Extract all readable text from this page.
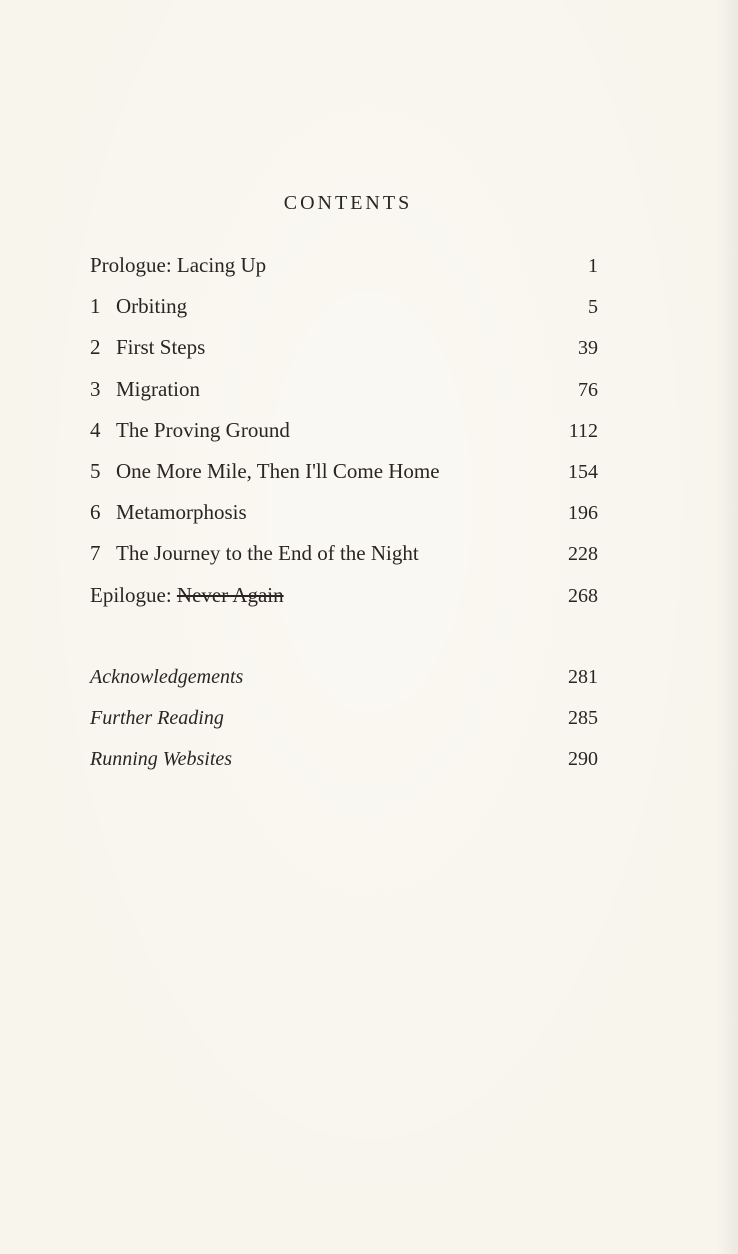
CONTENTS
Prologue: Lacing Up	1
1 Orbiting	5
2 First Steps	39
3 Migration	76
4 The Proving Ground	112
5 One More Mile, Then I'll Come Home	154
6 Metamorphosis	196
7 The Journey to the End of the Night	228
Epilogue: Never Again	268
Acknowledgements	281
Further Reading	285
Running Websites	290
